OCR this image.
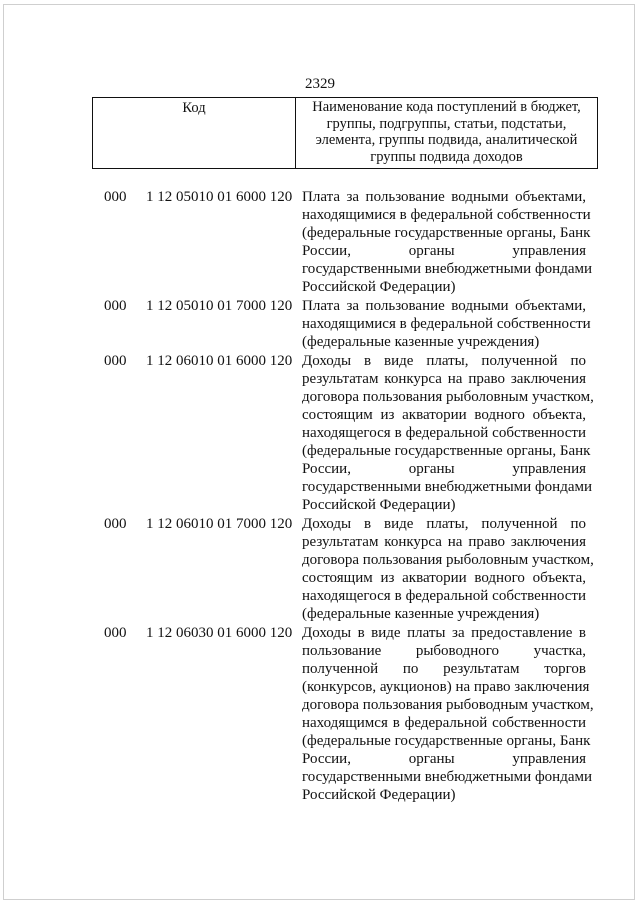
2329
Код	Наименование кода поступлений в бюджет,
группы, подгруппы, статьи, подстатьи,
элемента, группы подвида, аналитической
группы подвида доходов
000 1 12 05010 01 6000 120 Плата за пользование водными объектами,
находящимися в федеральной собственности
(федеральные государственные органы, Банк
России, органы управления
государственными внебюджетными фондами
Российской Федерации)
000 1 12 05010 01 7000 120 Плата за пользование водными объектами,
находящимися в федеральной собственности
(федеральные казенные учреждения)
000 1 12 06010 01 6000 120 Доходы в виде платы, полученной по
результатам конкурса на право заключения
договора пользования рыболовным участком,
состоящим из акватории водного объекта,
находящегося в федеральной собственности
(федеральные государственные органы, Банк
России, органы управления
государственными внебюджетными фондами
Российской Федерации)
000 1 12 06010 01 7000 120 Доходы в виде платы, полученной по
результатам конкурса на право заключения
договора пользования рыболовным участком,
состоящим из акватории водного объекта,
находящегося в федеральной собственности
(федеральные казенные учреждения)
000 1 12 06030 01 6000 120 Доходы в виде платы за предоставление в
пользование рыбоводного участка,
полученной по результатам торгов
(конкурсов, аукционов) на право заключения
договора пользования рыбоводным участком,
находящимся в федеральной собственности
(федеральные государственные органы, Банк
России, органы управления
государственными внебюджетными фондами
Российской Федерации)
